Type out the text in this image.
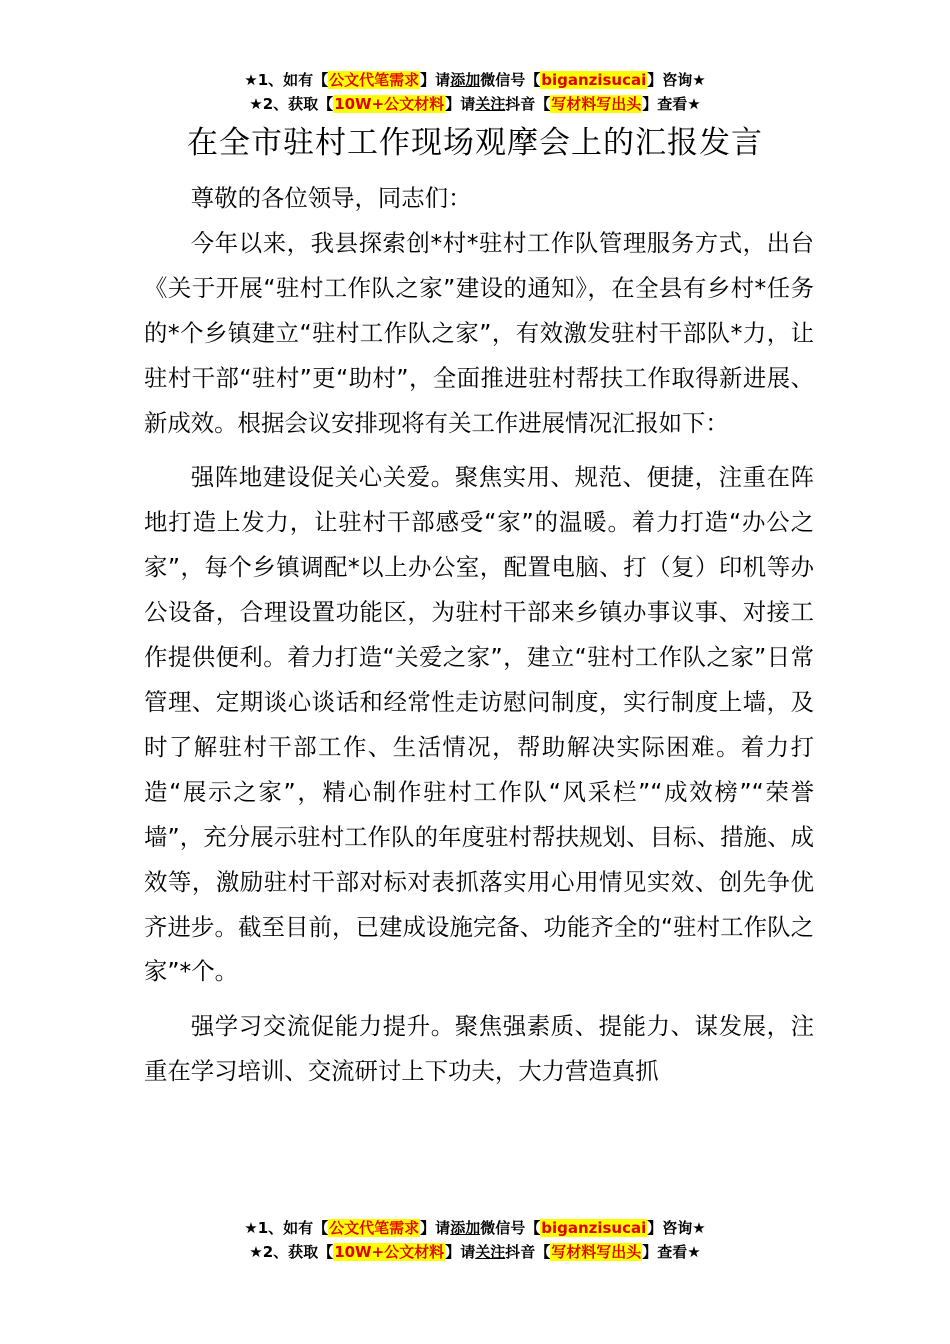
★1、如有【公文代笔需求】请添加微信号【biganzisucai】咨询★
★2、获取【10W+公文材料】请关注抖音【写材料写出头】查看★
在全市驻村工作现场观摩会上的汇报发言

尊敬的各位领导，同志们：

今年以来，我县探索创*村*驻村工作队管理服务方式，出台《关于开展“驻村工作队之家”建设的通知》，在全县有乡村*任务的*个乡镇建立“驻村工作队之家”，有效激发驻村干部队*力，让驻村干部“驻村”更“助村”，全面推进驻村帮扶工作取得新进展、新成效。根据会议安排现将有关工作进展情况汇报如下：

强阵地建设促关心关爱。聚焦实用、规范、便捷，注重在阵地打造上发力，让驻村干部感受“家”的温暖。着力打造“办公之家”，每个乡镇调配*以上办公室，配置电脑、打（复）印机等办公设备，合理设置功能区，为驻村干部来乡镇办事议事、对接工作提供便利。着力打造“关爱之家”，建立“驻村工作队之家”日常管理、定期谈心谈话和经常性走访慰问制度，实行制度上墙，及时了解驻村干部工作、生活情况，帮助解决实际困难。着力打造“展示之家”，精心制作驻村工作队“风采栏”“成效榜”“荣誉墙”，充分展示驻村工作队的年度驻村帮扶规划、目标、措施、成效等，激励驻村干部对标对表抓落实用心用情见实效、创先争优齐进步。截至目前，已建成设施完备、功能齐全的“驻村工作队之家”*个。

强学习交流促能力提升。聚焦强素质、提能力、谋发展，注重在学习培训、交流研讨上下功夫，大力营造真抓

★1、如有【公文代笔需求】请添加微信号【biganzisucai】咨询★
★2、获取【10W+公文材料】请关注抖音【写材料写出头】查看★
